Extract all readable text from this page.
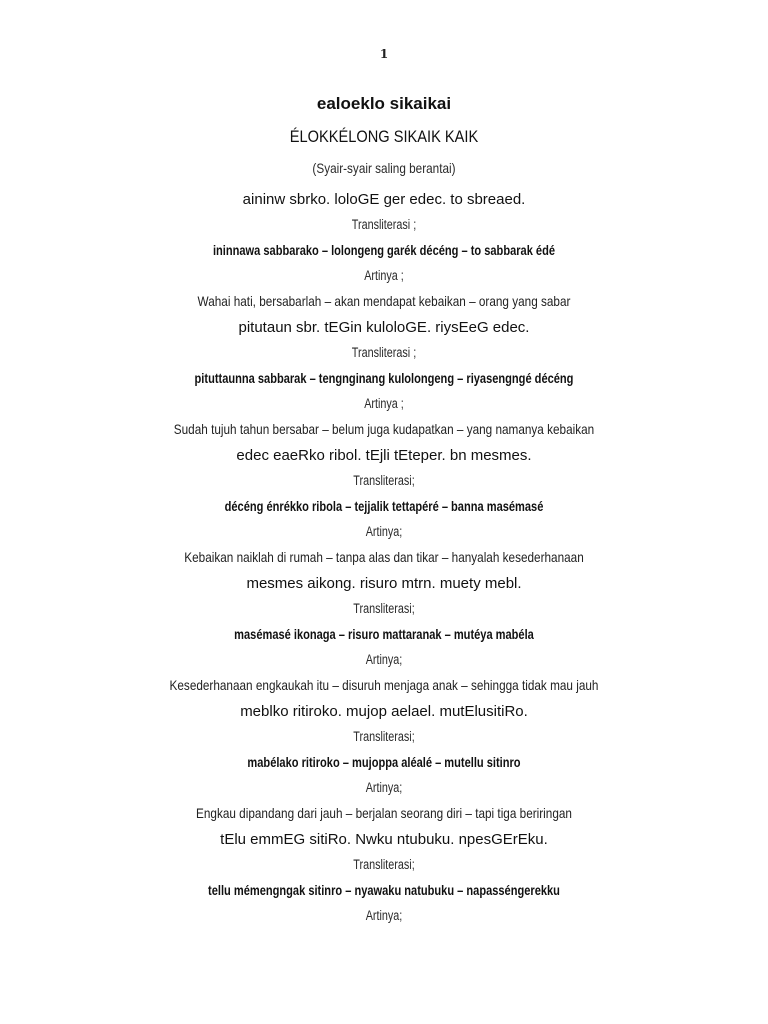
1
ealoeklo sikaikai
ÉLOKKÉLONG SIKAIK KAIK
(Syair-syair saling berantai)
aininw sbrko. loloGE ger edec. to sbreaed.
Transliterasi ;
ininnawa sabbarako – lolongeng garék décéng – to sabbarak édé
Artinya ;
Wahai hati, bersabarlah – akan mendapat kebaikan – orang yang sabar
pitutaun sbr. tEGin kuloloGE. riysEeG edec.
Transliterasi ;
pituttaunna sabbarak – tengnginang kulolongeng – riyasengngé décéng
Artinya ;
Sudah tujuh tahun bersabar – belum juga kudapatkan – yang namanya kebaikan
edec eaeRko ribol. tEjli tEteper. bn mesmes.
Transliterasi;
décéng énrékko ribola – tejjalik tettapéré – banna masémasé
Artinya;
Kebaikan naiklah di rumah – tanpa alas dan tikar – hanyalah kesederhanaan
mesmes aikong. risuro mtrn. muety mebl.
Transliterasi;
masémasé ikonaga – risuro mattaranak – mutéya mabéla
Artinya;
Kesederhanaan engkaukah itu – disuruh menjaga anak – sehingga tidak mau jauh
meblko ritiroko. mujop aelael. mutElusitiRo.
Transliterasi;
mabélako ritiroko – mujoppa aléalé – mutellu sitinro
Artinya;
Engkau dipandang dari jauh – berjalan seorang diri – tapi tiga beriringan
tElu emmEG sitiRo. Nwku ntubuku. npesGErEku.
Transliterasi;
tellu mémengngak sitinro – nyawaku natubuku – napasséngerekku
Artinya;
